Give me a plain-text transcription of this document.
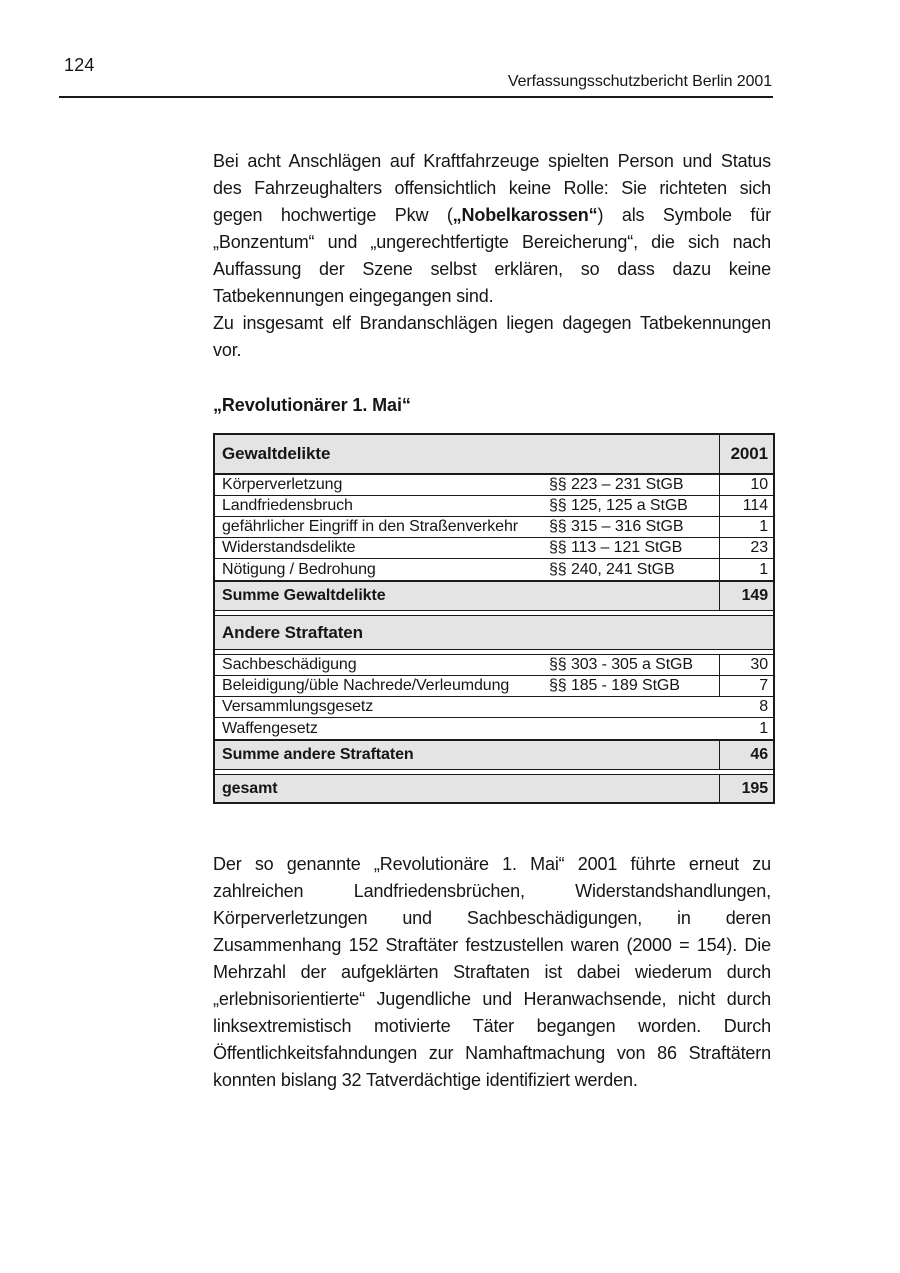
124
Verfassungsschutzbericht Berlin 2001

Bei acht Anschlägen auf Kraftfahrzeuge spielten Person und Status des Fahrzeughalters offensichtlich keine Rolle: Sie richteten sich gegen hochwertige Pkw („Nobelkarossen“) als Symbole für „Bonzentum“ und „ungerechtfertigte Bereicherung“, die sich nach Auffassung der Szene selbst erklären, so dass dazu keine Tatbekennungen eingegangen sind.

Zu insgesamt elf Brandanschlägen liegen dagegen Tatbekennungen vor.

„Revolutionärer 1. Mai“
Gewaltdelikte	2001
Körperverletzung	§§ 223 – 231 StGB	10
Landfriedensbruch	§§ 125, 125 a StGB	114
gefährlicher Eingriff in den Straßenverkehr	§§ 315 – 316 StGB	1
Widerstandsdelikte	§§ 113 – 121 StGB	23
Nötigung / Bedrohung	§§ 240, 241 StGB	1
Summe Gewaltdelikte	149
Andere Straftaten
Sachbeschädigung	§§ 303 - 305 a StGB	30
Beleidigung/üble Nachrede/Verleumdung	§§ 185 - 189 StGB	7
Versammlungsgesetz	8
Waffengesetz	1
Summe andere Straftaten	46
gesamt	195

Der so genannte „Revolutionäre 1. Mai“ 2001 führte erneut zu zahlreichen Landfriedensbrüchen, Widerstandshandlungen, Körperverletzungen und Sachbeschädigungen, in deren Zusammenhang 152 Straftäter festzustellen waren (2000 = 154). Die Mehrzahl der aufgeklärten Straftaten ist dabei wiederum durch „erlebnisorientierte“ Jugendliche und Heranwachsende, nicht durch linksextremistisch motivierte Täter begangen worden. Durch Öffentlichkeitsfahndungen zur Namhaftmachung von 86 Straftätern konnten bislang 32 Tatverdächtige identifiziert werden.
